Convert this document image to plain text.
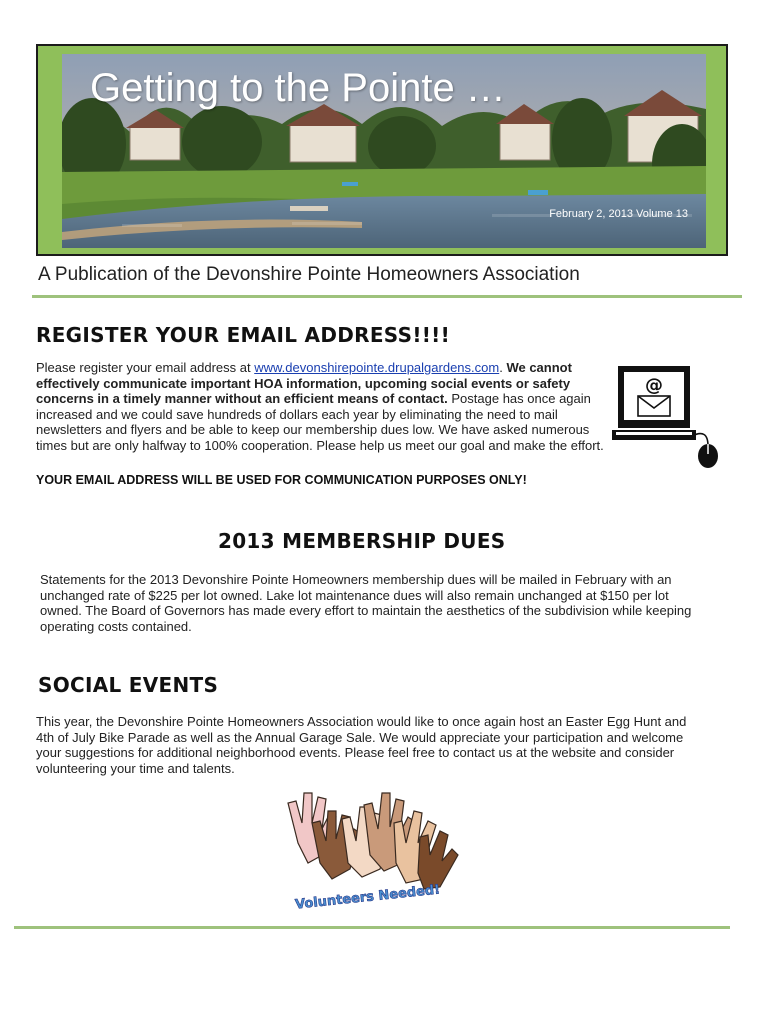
Getting to the Pointe …
February 2, 2013 Volume 13
A Publication of the Devonshire Pointe Homeowners Association
REGISTER YOUR EMAIL ADDRESS!!!!
Please register your email address at www.devonshirepointe.drupalgardens.com. We cannot effectively communicate important HOA information, upcoming social events or safety concerns in a timely manner without an efficient means of contact. Postage has once again increased and we could save hundreds of dollars each year by eliminating the need to mail newsletters and flyers and be able to keep our membership dues low. We have asked numerous times but are only halfway to 100% cooperation. Please help us meet our goal and make the effort.
YOUR EMAIL ADDRESS WILL BE USED FOR COMMUNICATION PURPOSES ONLY!
@
2013 MEMBERSHIP DUES
Statements for the 2013 Devonshire Pointe Homeowners membership dues will be mailed in February with an unchanged rate of $225 per lot owned. Lake lot maintenance dues will also remain unchanged at $150 per lot owned. The Board of Governors has made every effort to maintain the aesthetics of the subdivision while keeping operating costs contained.
SOCIAL EVENTS
This year, the Devonshire Pointe Homeowners Association would like to once again host an Easter Egg Hunt and 4th of July Bike Parade as well as the Annual Garage Sale. We would appreciate your participation and welcome your suggestions for additional neighborhood events. Please feel free to contact us at the website and consider volunteering your time and talents.
Volunteers Needed!
